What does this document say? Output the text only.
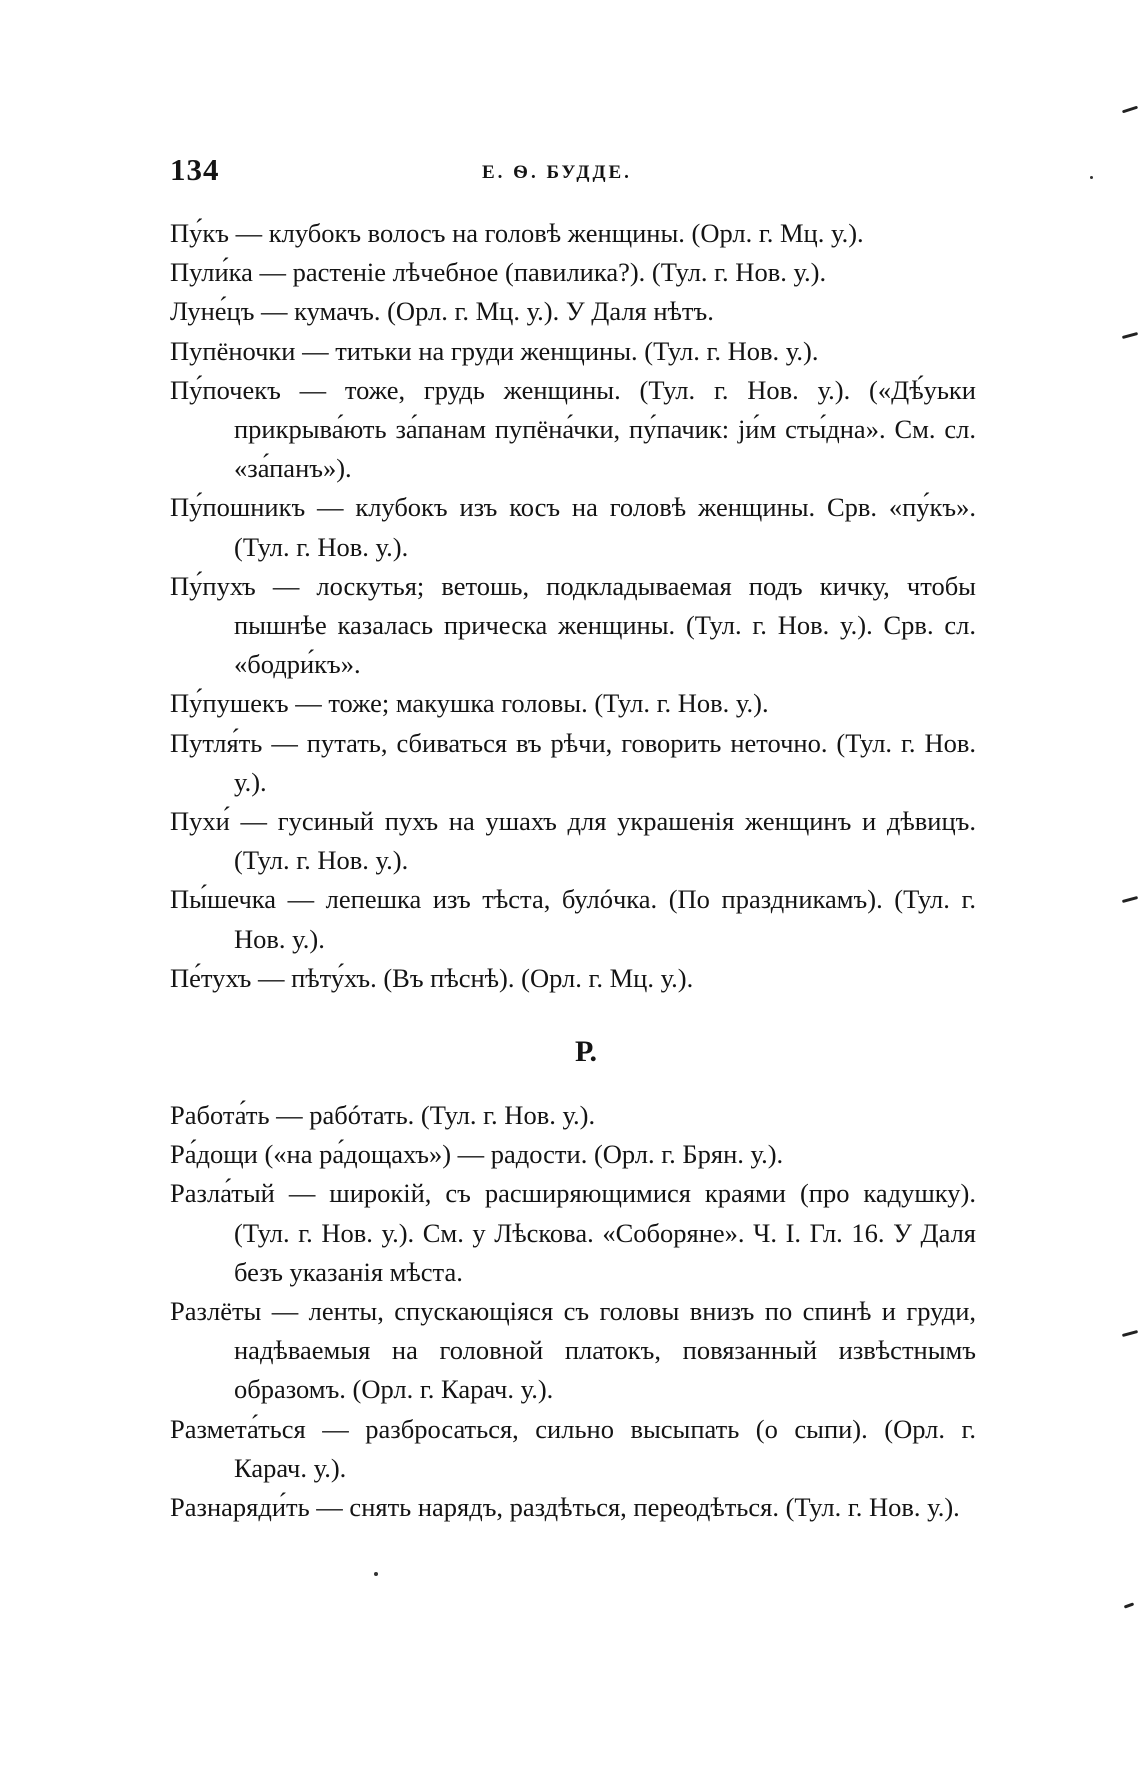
134	Е. Ѳ. БУДДЕ.

Пу́къ — клубокъ волосъ на головѣ женщины. (Орл. г. Мц. у.).

Пули́ка — растеніе лѣчебное (павилика?). (Тул. г. Нов. у.).

Луне́цъ — кумачъ. (Орл. г. Мц. у.). У Даля нѣтъ.

Пупёночки — титьки на груди женщины. (Тул. г. Нов. у.).

Пу́почекъ — тоже, грудь женщины. (Тул. г. Нов. у.). («Дѣ́уьки прикрыва́ють за́панам пупёна́чки, пу́пачик: ји́м сты́дна». См. сл. «за́панъ»).

Пу́пошникъ — клубокъ изъ косъ на головѣ женщины. Срв. «пу́къ». (Тул. г. Нов. у.).

Пу́пухъ — лоскутья; ветошь, подкладываемая подъ кичку, чтобы пышнѣе казалась прическа женщины. (Тул. г. Нов. у.). Срв. сл. «бодри́къ».

Пу́пушекъ — тоже; макушка головы. (Тул. г. Нов. у.).

Путля́ть — путать, сбиваться въ рѣчи, говорить неточно. (Тул. г. Нов. у.).

Пухи́ — гусиный пухъ на ушахъ для украшенія женщинъ и дѣвицъ. (Тул. г. Нов. у.).

Пы́шечка — лепешка изъ тѣста, булóчка. (По праздникамъ). (Тул. г. Нов. у.).

Пе́тухъ — пѣту́хъ. (Въ пѣснѣ). (Орл. г. Мц. у.).

Р.

Работа́ть — рабóтать. (Тул. г. Нов. у.).

Ра́дощи («на ра́дощахъ») — радости. (Орл. г. Брян. у.).

Разла́тый — широкій, съ расширяющимися краями (про кадушку). (Тул. г. Нов. у.). См. у Лѣскова. «Соборяне». Ч. I. Гл. 16. У Даля безъ указанія мѣста.

Разлёты — ленты, спускающіяся съ головы внизъ по спинѣ и груди, надѣваемыя на головной платокъ, повязанный извѣстнымъ образомъ. (Орл. г. Карач. у.).

Размета́ться — разбросаться, сильно высыпать (о сыпи). (Орл. г. Карач. у.).

Разнаряди́ть — снять нарядъ, раздѣться, переодѣться. (Тул. г. Нов. у.).
